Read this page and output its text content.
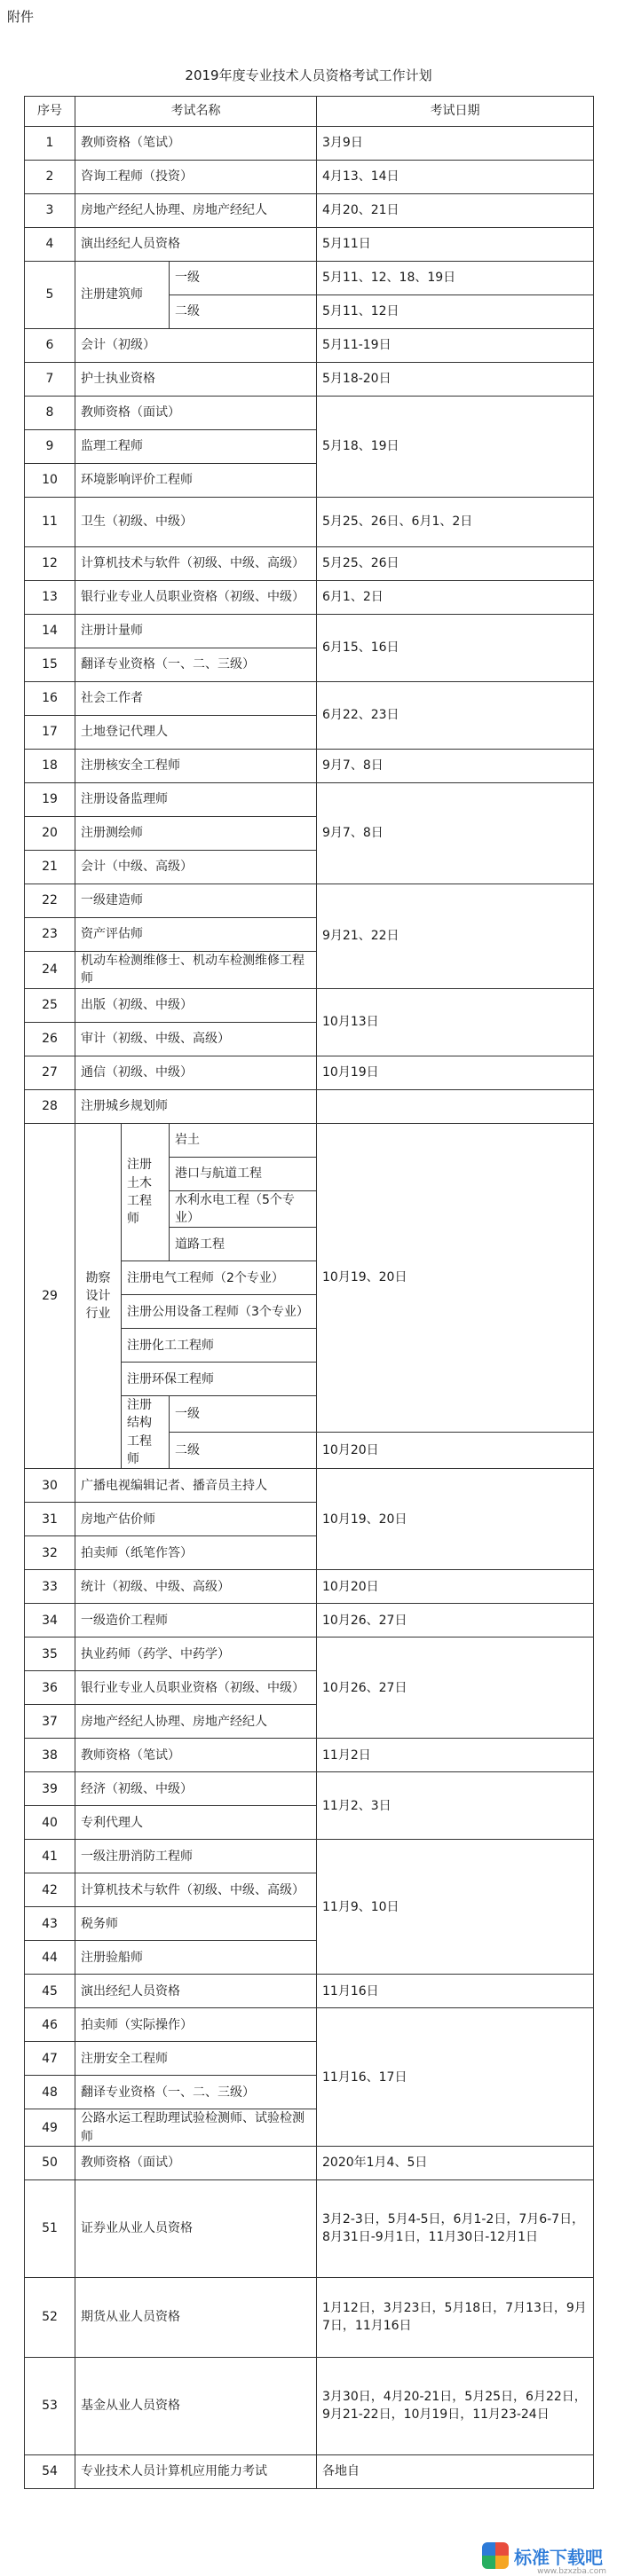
附件
2019年度专业技术人员资格考试工作计划
序号	考试名称			考试日期
1	教师资格（笔试）			3月9日
2	咨询工程师（投资）			4月13、14日
3	房地产经纪人协理、房地产经纪人			4月20、21日
4	演出经纪人员资格			5月11日
5	注册建筑师		一级	5月11、12、18、19日
			二级	5月11、12日
6	会计（初级）			5月11-19日
7	护士执业资格			5月18-20日
8	教师资格（面试）			5月18、19日
9	监理工程师			
10	环境影响评价工程师			
11	卫生（初级、中级）			5月25、26日、6月1、2日
12	计算机技术与软件（初级、中级、高级）			5月25、26日
13	银行业专业人员职业资格（初级、中级）			6月1、2日
14	注册计量师			6月15、16日
15	翻译专业资格（一、二、三级）			
16	社会工作者			6月22、23日
17	土地登记代理人			
18	注册核安全工程师			9月7、8日
19	注册设备监理师			9月7、8日
20	注册测绘师			
21	会计（中级、高级）			
22	一级建造师			9月21、22日
23	资产评估师			
24	机动车检测维修士、机动车检测维修工程师			
25	出版（初级、中级）			10月13日
26	审计（初级、中级、高级）			
27	通信（初级、中级）			10月19日
28	注册城乡规划师			
29	勘察设计行业	注册土木工程师	岩土	10月19、20日
			港口与航道工程	
			水利水电工程（5个专业）	
			道路工程	
		注册电气工程师（2个专业）		
		注册公用设备工程师（3个专业）		
		注册化工工程师		
		注册环保工程师		
		注册结构工程师	一级	
			二级	10月20日
30	广播电视编辑记者、播音员主持人			10月19、20日
31	房地产估价师			
32	拍卖师（纸笔作答）			
33	统计（初级、中级、高级）			10月20日
34	一级造价工程师			10月26、27日
35	执业药师（药学、中药学）			10月26、27日
36	银行业专业人员职业资格（初级、中级）			
37	房地产经纪人协理、房地产经纪人			
38	教师资格（笔试）			11月2日
39	经济（初级、中级）			11月2、3日
40	专利代理人			
41	一级注册消防工程师			11月9、10日
42	计算机技术与软件（初级、中级、高级）			
43	税务师			
44	注册验船师			
45	演出经纪人员资格			11月16日
46	拍卖师（实际操作）			11月16、17日
47	注册安全工程师			
48	翻译专业资格（一、二、三级）			
49	公路水运工程助理试验检测师、试验检测师			
50	教师资格（面试）			2020年1月4、5日
51	证券业从业人员资格			3月2-3日，5月4-5日，6月1-2日，7月6-7日，8月31日-9月1日，11月30日-12月1日
52	期货从业人员资格			1月12日，3月23日，5月18日，7月13日，9月7日，11月16日
53	基金从业人员资格			3月30日，4月20-21日，5月25日，6月22日，9月21-22日，10月19日，11月23-24日
54	专业技术人员计算机应用能力考试			各地自
标准下载吧
www.bzxzba.com
